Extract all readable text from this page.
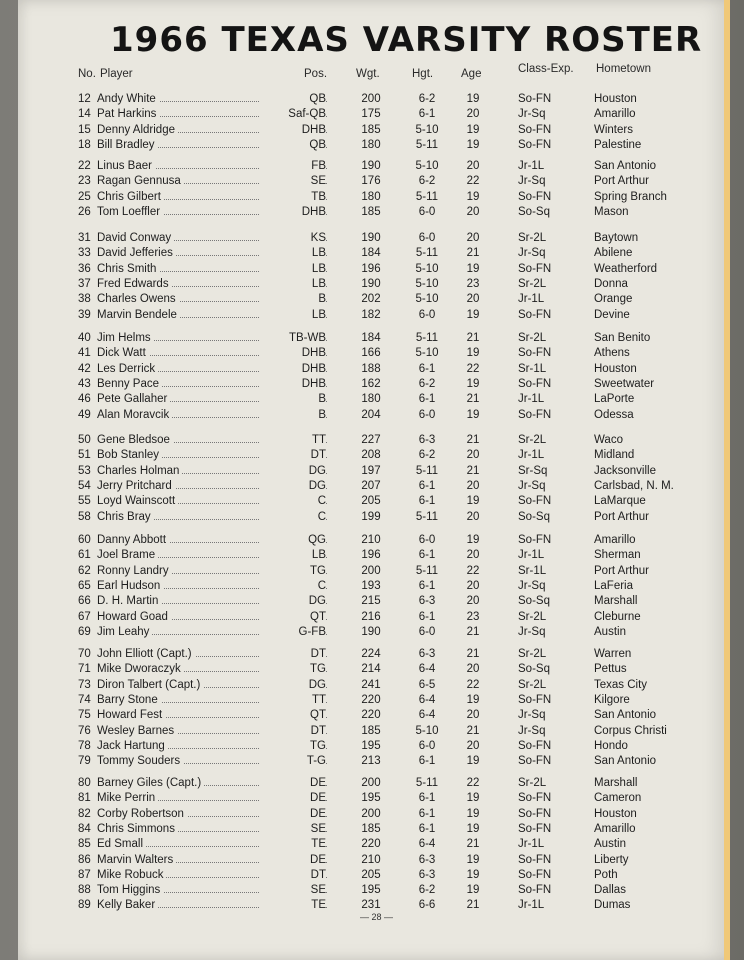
1966 TEXAS VARSITY ROSTER
No. Player	Pos.	Wgt.	Hgt. Age	Class-Exp. Hometown
12 Andy White	QB	200	6-2	19	So-FN	Houston
14 Pat Harkins	Saf-QB	175	6-1	20	Jr-Sq	Amarillo
15 Denny Aldridge	DHB	185	5-10	19	So-FN	Winters
18 Bill Bradley	QB	180	5-11	19	So-FN	Palestine
22 Linus Baer	FB	190	5-10	20	Jr-1L	San Antonio
23 Ragan Gennusa	SE	176	6-2	22	Jr-Sq	Port Arthur
25 Chris Gilbert	TB	180	5-11	19	So-FN	Spring Branch
26 Tom Loeffler	DHB	185	6-0	20	So-Sq	Mason
31 David Conway	KS	190	6-0	20	Sr-2L	Baytown
33 David Jefferies	LB	184	5-11	21	Jr-Sq	Abilene
36 Chris Smith	LB	196	5-10	19	So-FN	Weatherford
37 Fred Edwards	LB	190	5-10	23	Sr-2L	Donna
38 Charles Owens	B	202	5-10	20	Jr-1L	Orange
39 Marvin Bendele	LB	182	6-0	19	So-FN	Devine
40 Jim Helms	TB-WB	184	5-11	21	Sr-2L	San Benito
41 Dick Watt	DHB	166	5-10	19	So-FN	Athens
42 Les Derrick	DHB	188	6-1	22	Sr-1L	Houston
43 Benny Pace	DHB	162	6-2	19	So-FN	Sweetwater
46 Pete Gallaher	B	180	6-1	21	Jr-1L	LaPorte
49 Alan Moravcik	B	204	6-0	19	So-FN	Odessa
50 Gene Bledsoe	TT	227	6-3	21	Sr-2L	Waco
51 Bob Stanley	DT	208	6-2	20	Jr-1L	Midland
53 Charles Holman	DG	197	5-11	21	Sr-Sq	Jacksonville
54 Jerry Pritchard	DG	207	6-1	20	Jr-Sq	Carlsbad, N. M.
55 Loyd Wainscott	C	205	6-1	19	So-FN	LaMarque
58 Chris Bray	C	199	5-11	20	So-Sq	Port Arthur
60 Danny Abbott	QG	210	6-0	19	So-FN	Amarillo
61 Joel Brame	LB	196	6-1	20	Jr-1L	Sherman
62 Ronny Landry	TG	200	5-11	22	Sr-1L	Port Arthur
65 Earl Hudson	C	193	6-1	20	Jr-Sq	LaFeria
66 D. H. Martin	DG	215	6-3	20	So-Sq	Marshall
67 Howard Goad	QT	216	6-1	23	Sr-2L	Cleburne
69 Jim Leahy	G-FB	190	6-0	21	Jr-Sq	Austin
70 John Elliott (Capt.)	DT	224	6-3	21	Sr-2L	Warren
71 Mike Dworaczyk	TG	214	6-4	20	So-Sq	Pettus
73 Diron Talbert (Capt.)	DG	241	6-5	22	Sr-2L	Texas City
74 Barry Stone	TT	220	6-4	19	So-FN	Kilgore
75 Howard Fest	QT	220	6-4	20	Jr-Sq	San Antonio
76 Wesley Barnes	DT	185	5-10	21	Jr-Sq	Corpus Christi
78 Jack Hartung	TG	195	6-0	20	So-FN	Hondo
79 Tommy Souders	T-G	213	6-1	19	So-FN	San Antonio
80 Barney Giles (Capt.)	DE	200	5-11	22	Sr-2L	Marshall
81 Mike Perrin	DE	195	6-1	19	So-FN	Cameron
82 Corby Robertson	DE	200	6-1	19	So-FN	Houston
84 Chris Simmons	SE	185	6-1	19	So-FN	Amarillo
85 Ed Small	TE	220	6-4	21	Jr-1L	Austin
86 Marvin Walters	DE	210	6-3	19	So-FN	Liberty
87 Mike Robuck	DT	205	6-3	19	So-FN	Poth
88 Tom Higgins	SE	195	6-2	19	So-FN	Dallas
89 Kelly Baker	TE	231	6-6	21	Jr-1L	Dumas
— 28 —
